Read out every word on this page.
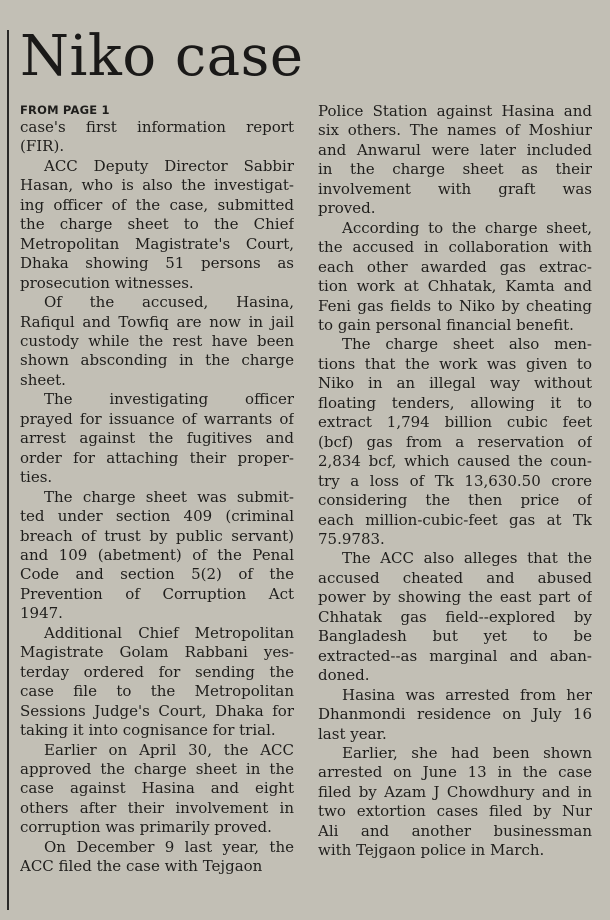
Niko case
FROM PAGE 1

case's first information report
(FIR).

ACC Deputy Director Sabbir
Hasan, who is also the investigat-
ing officer of the case, submitted
the charge sheet to the Chief
Metropolitan Magistrate's Court,
Dhaka showing 51 persons as
prosecution witnesses.

Of the accused, Hasina,
Rafiqul and Towfiq are now in jail
custody while the rest have been
shown absconding in the charge
sheet.

The investigating officer
prayed for issuance of warrants of
arrest against the fugitives and
order for attaching their proper-
ties.

The charge sheet was submit-
ted under section 409 (criminal
breach of trust by public servant)
and 109 (abetment) of the Penal
Code and section 5(2) of the
Prevention of Corruption Act
1947.

Additional Chief Metropolitan
Magistrate Golam Rabbani yes-
terday ordered for sending the
case file to the Metropolitan
Sessions Judge's Court, Dhaka for
taking it into cognisance for trial.

Earlier on April 30, the ACC
approved the charge sheet in the
case against Hasina and eight
others after their involvement in
corruption was primarily proved.

On December 9 last year, the
ACC filed the case with Tejgaon

Police Station against Hasina and
six others. The names of Moshiur
and Anwarul were later included
in the charge sheet as their
involvement with graft was
proved.

According to the charge sheet,
the accused in collaboration with
each other awarded gas extrac-
tion work at Chhatak, Kamta and
Feni gas fields to Niko by cheating
to gain personal financial benefit.

The charge sheet also men-
tions that the work was given to
Niko in an illegal way without
floating tenders, allowing it to
extract 1,794 billion cubic feet
(bcf) gas from a reservation of
2,834 bcf, which caused the coun-
try a loss of Tk 13,630.50 crore
considering the then price of
each million-cubic-feet gas at Tk
75.9783.

The ACC also alleges that the
accused cheated and abused
power by showing the east part of
Chhatak gas field--explored by
Bangladesh but yet to be
extracted--as marginal and aban-
doned.

Hasina was arrested from her
Dhanmondi residence on July 16
last year.

Earlier, she had been shown
arrested on June 13 in the case
filed by Azam J Chowdhury and in
two extortion cases filed by Nur
Ali and another businessman
with Tejgaon police in March.
